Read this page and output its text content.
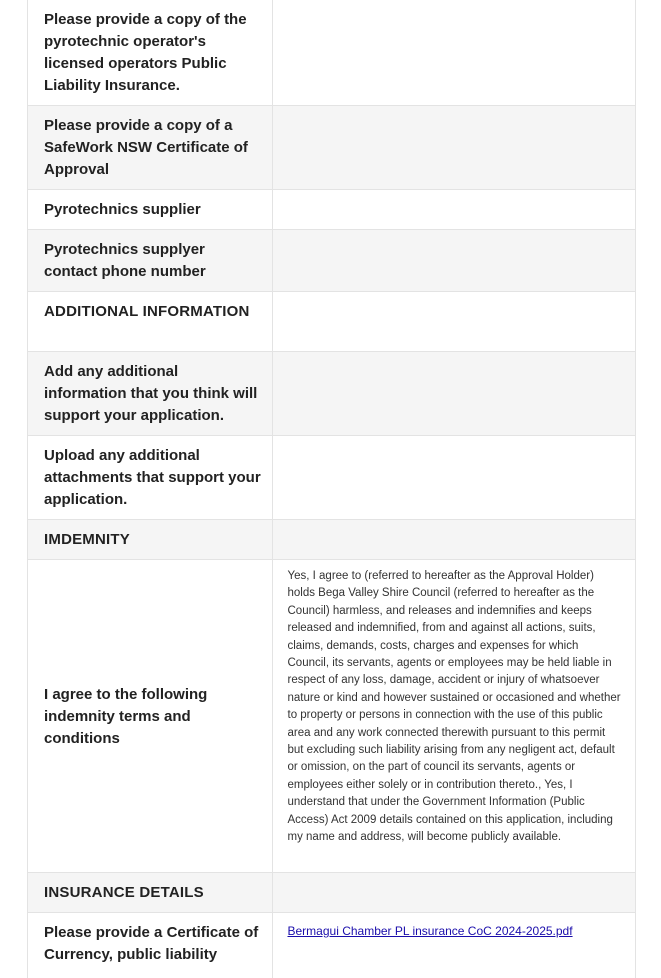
Please provide a copy of the pyrotechnic operator's licensed operators Public Liability Insurance.	
Please provide a copy of a SafeWork NSW Certificate of Approval	
Pyrotechnics supplier	
Pyrotechnics supplyer contact phone number	
ADDITIONAL INFORMATION	
Add any additional information that you think will support your application.	
Upload any additional attachments that support your application.	
IMDEMNITY	
I agree to the following indemnity terms and conditions	Yes, I agree to (referred to hereafter as the Approval Holder) holds Bega Valley Shire Council (referred to hereafter as the Council) harmless, and releases and indemnifies and keeps released and indemnified, from and against all actions, suits, claims, demands, costs, charges and expenses for which Council, its servants, agents or employees may be held liable in respect of any loss, damage, accident or injury of whatsoever nature or kind and however sustained or occasioned and whether to property or persons in connection with the use of this public area and any work connected therewith pursuant to this permit but excluding such liability arising from any negligent act, default or omission, on the part of council its servants, agents or employees either solely or in contribution thereto., Yes, I understand that under the Government Information (Public Access) Act 2009 details contained on this application, including my name and address, will become publicly available.
INSURANCE DETAILS	
Please provide a Certificate of Currency, public liability	Bermagui Chamber PL insurance CoC 2024-2025.pdf
